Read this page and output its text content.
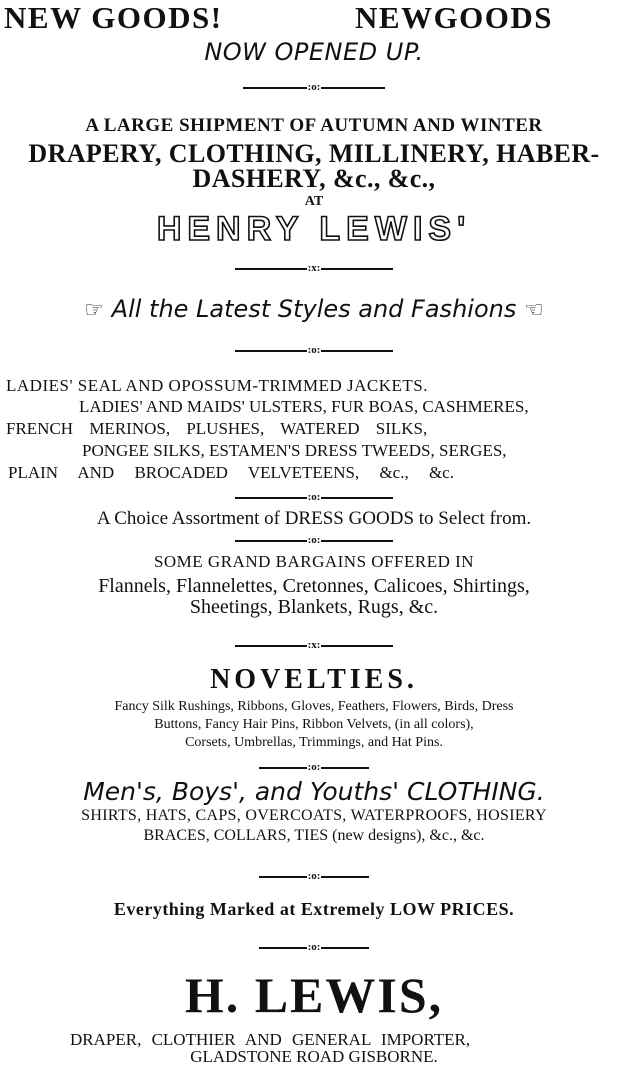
NEW GOODS!	NEWGOODS
NOW OPENED UP.
:o:
A LARGE SHIPMENT OF AUTUMN AND WINTER
DRAPERY, CLOTHING, MILLINERY, HABER-
DASHERY, &c., &c.,
AT
HENRY LEWIS'
:x:
☞ All the Latest Styles and Fashions ☞
:o:
LADIES' SEAL AND OPOSSUM-TRIMMED JACKETS.
LADIES' AND MAIDS' ULSTERS, FUR BOAS, CASHMERES,
FRENCH MERINOS, PLUSHES, WATERED SILKS,
PONGEE SILKS, ESTAMEN'S DRESS TWEEDS, SERGES,
PLAIN AND BROCADED VELVETEENS, &c., &c.
:o:
A Choice Assortment of DRESS GOODS to Select from.
:o:
SOME GRAND BARGAINS OFFERED IN
Flannels, Flannelettes, Cretonnes, Calicoes, Shirtings,
Sheetings, Blankets, Rugs, &c.
:x:
NOVELTIES.
Fancy Silk Rushings, Ribbons, Gloves, Feathers, Flowers, Birds, Dress
Buttons, Fancy Hair Pins, Ribbon Velvets, (in all colors),
Corsets, Umbrellas, Trimmings, and Hat Pins.
:o:
Men's, Boys', and Youths' CLOTHING.
SHIRTS, HATS, CAPS, OVERCOATS, WATERPROOFS, HOSIERY
BRACES, COLLARS, TIES (new designs), &c., &c.
:o:
Everything Marked at Extremely LOW PRICES.
:o:
H. LEWIS,
DRAPER, CLOTHIER AND GENERAL IMPORTER,
GLADSTONE ROAD GISBORNE.
